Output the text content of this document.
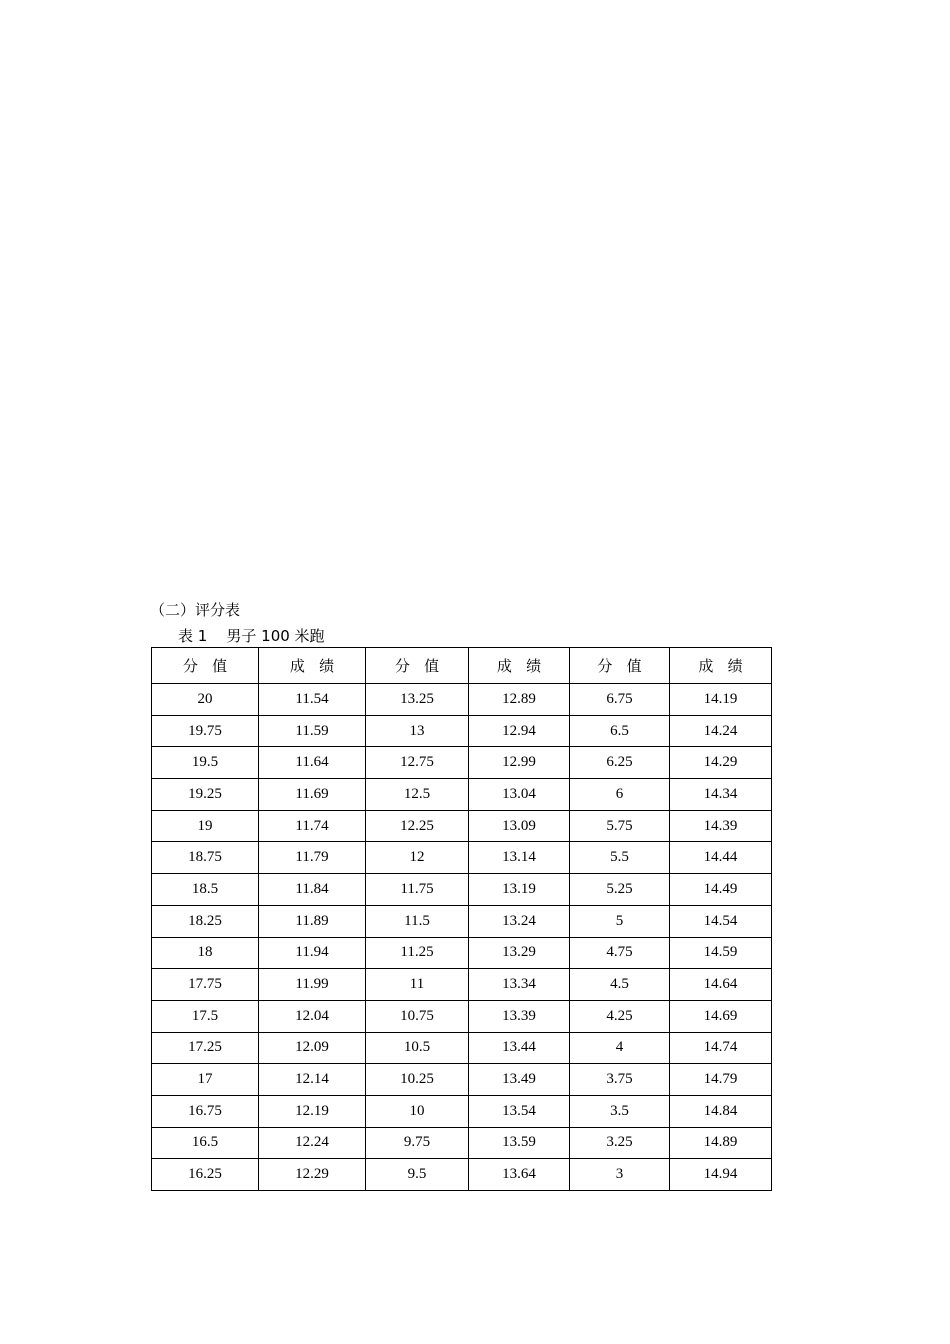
（二）评分表
表 1    男子 100 米跑
分   值	成   绩	分   值	成   绩	分   值	成   绩
20	11.54	13.25	12.89	6.75	14.19
19.75	11.59	13	12.94	6.5	14.24
19.5	11.64	12.75	12.99	6.25	14.29
19.25	11.69	12.5	13.04	6	14.34
19	11.74	12.25	13.09	5.75	14.39
18.75	11.79	12	13.14	5.5	14.44
18.5	11.84	11.75	13.19	5.25	14.49
18.25	11.89	11.5	13.24	5	14.54
18	11.94	11.25	13.29	4.75	14.59
17.75	11.99	11	13.34	4.5	14.64
17.5	12.04	10.75	13.39	4.25	14.69
17.25	12.09	10.5	13.44	4	14.74
17	12.14	10.25	13.49	3.75	14.79
16.75	12.19	10	13.54	3.5	14.84
16.5	12.24	9.75	13.59	3.25	14.89
16.25	12.29	9.5	13.64	3	14.94
